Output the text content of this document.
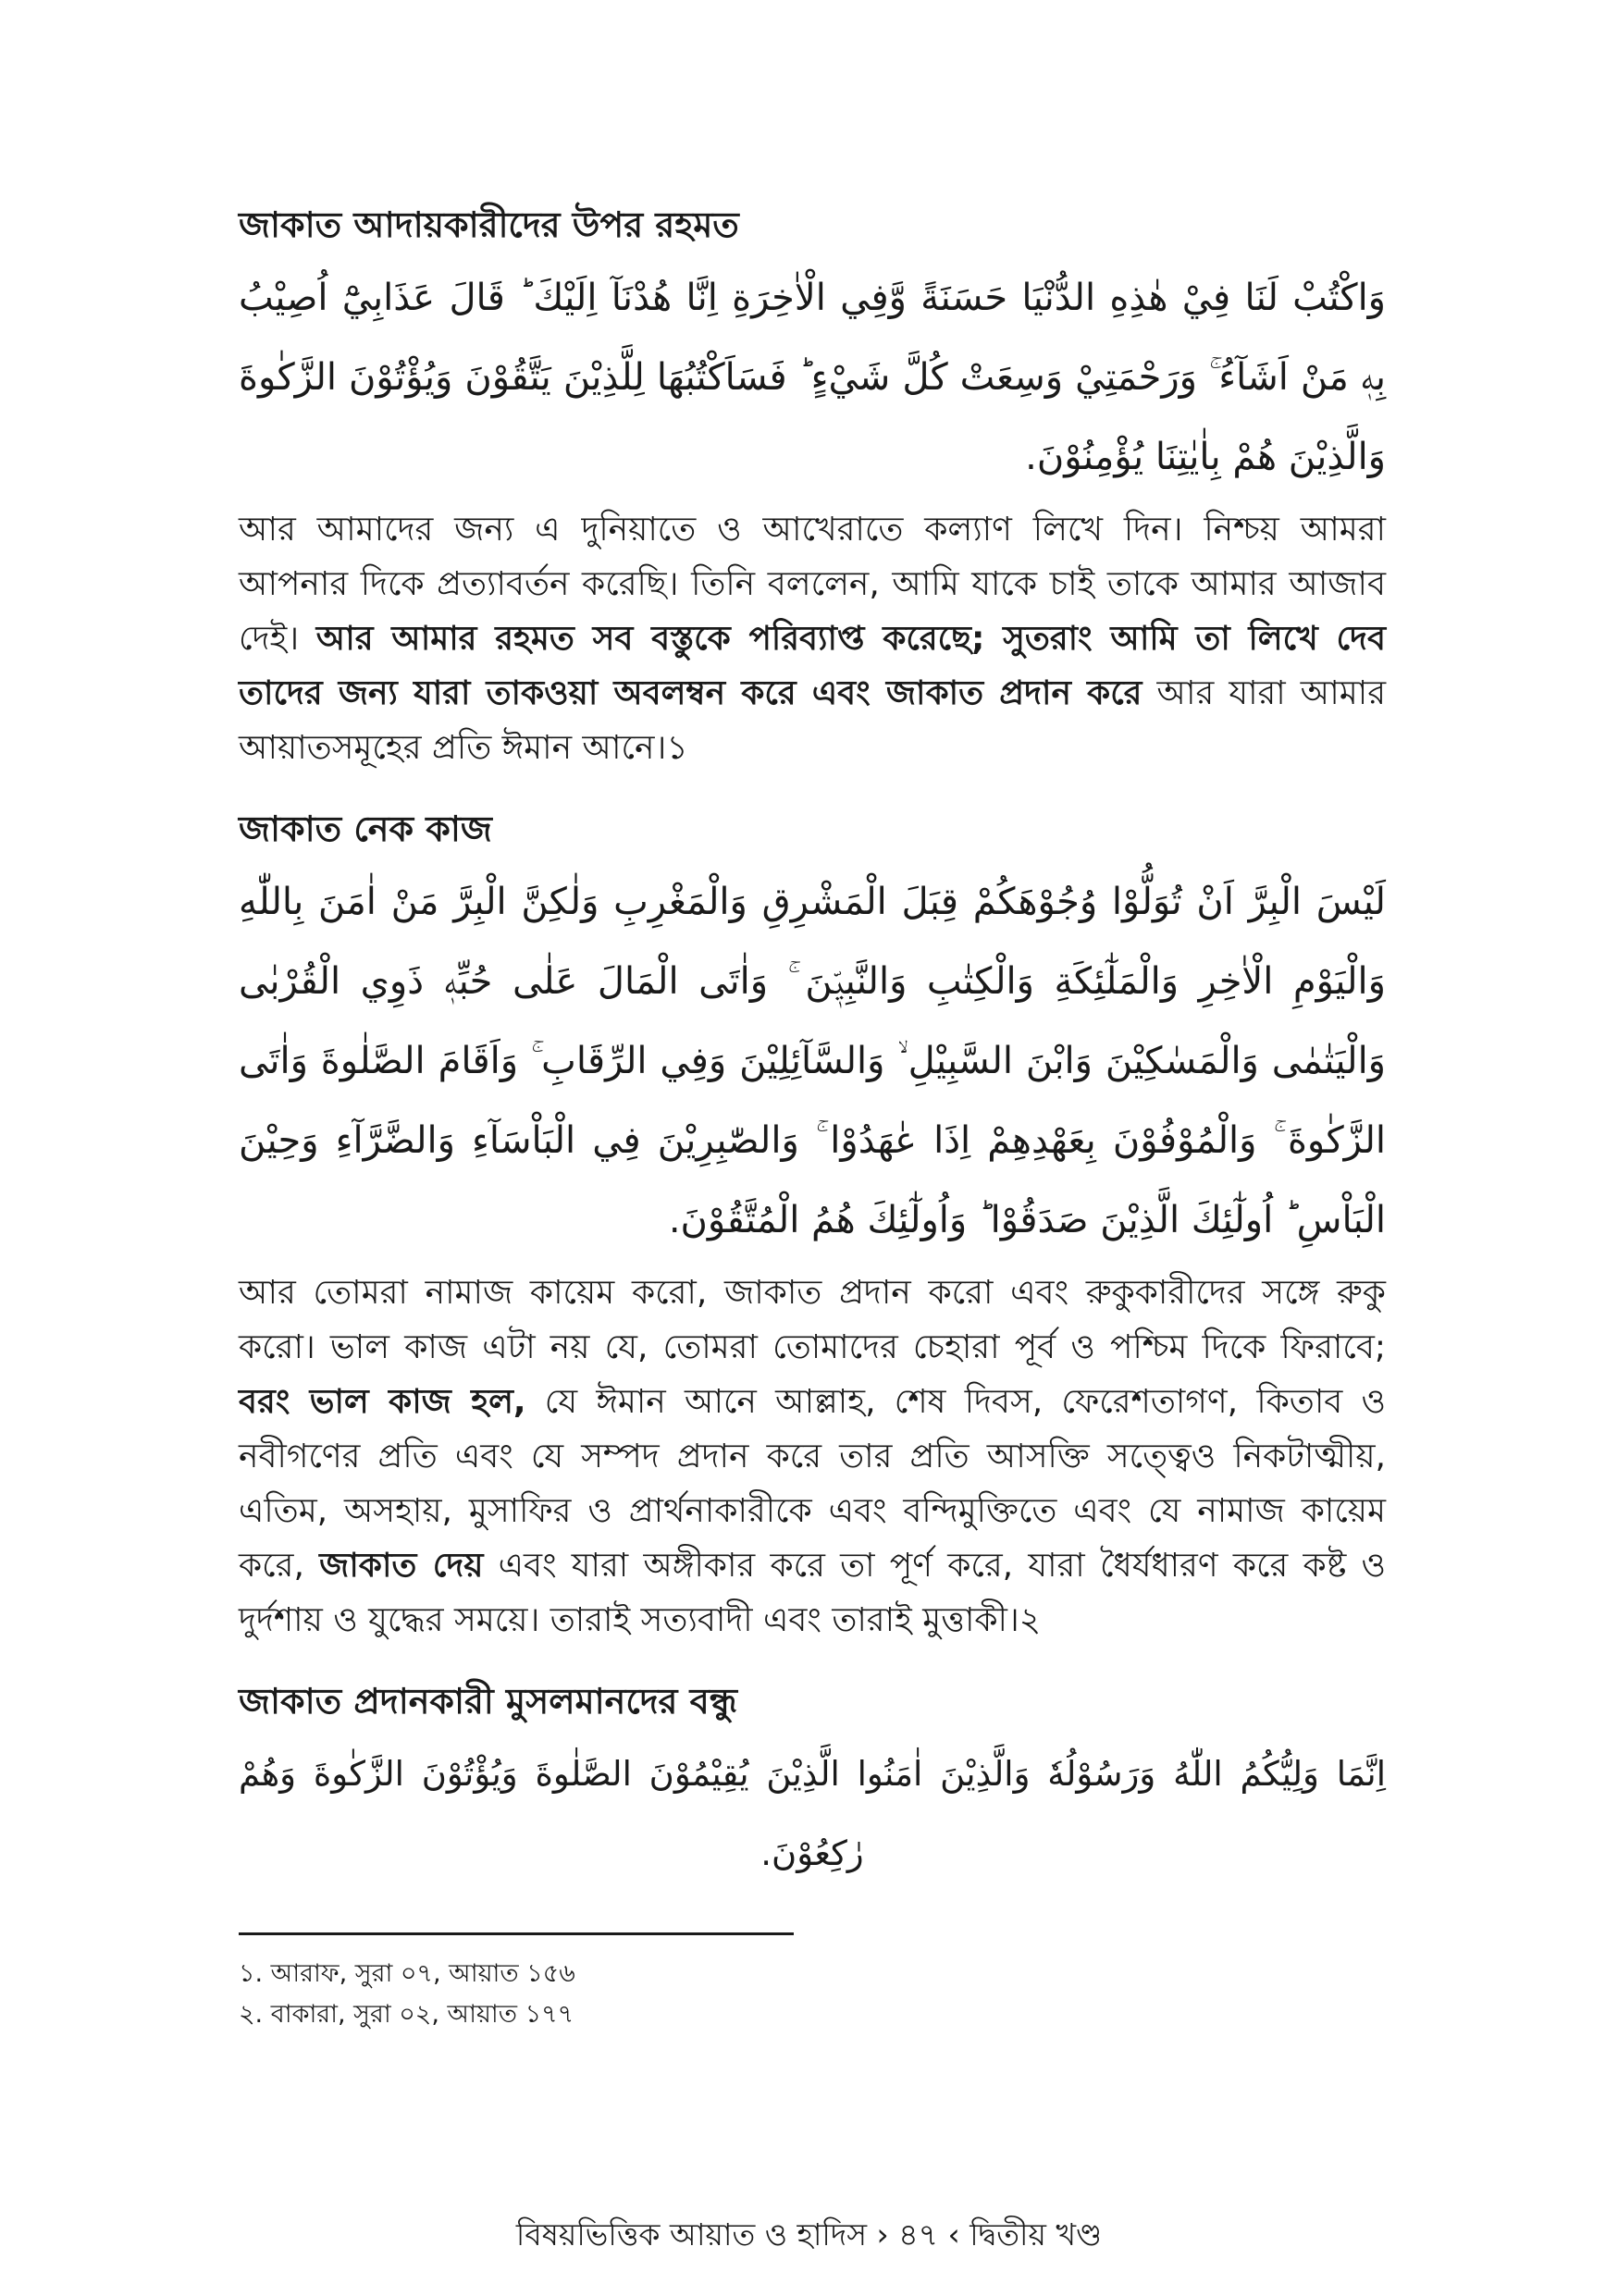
জাকাত আদায়কারীদের উপর রহমত

وَاكْتُبْ لَنَا فِيْ هٰذِهِ الدُّنْيَا حَسَنَةً وَّفِي الْاٰخِرَةِ اِنَّا هُدْنَآ اِلَيْكَ ؕ قَالَ عَذَابِيْٓ اُصِيْبُ بِهٖ مَنْ اَشَآءُ ۚ وَرَحْمَتِيْ وَسِعَتْ كُلَّ شَيْءٍ ؕ فَسَاَكْتُبُهَا لِلَّذِيْنَ يَتَّقُوْنَ وَيُؤْتُوْنَ الزَّكٰوةَ وَالَّذِيْنَ هُمْ بِاٰيٰتِنَا يُؤْمِنُوْنَ.

আর আমাদের জন্য এ দুনিয়াতে ও আখেরাতে কল্যাণ লিখে দিন। নিশ্চয় আমরা আপনার দিকে প্রত্যাবর্তন করেছি। তিনি বললেন, আমি যাকে চাই তাকে আমার আজাব দেই। আর আমার রহমত সব বস্তুকে পরিব্যাপ্ত করেছে; সুতরাং আমি তা লিখে দেব তাদের জন্য যারা তাকওয়া অবলম্বন করে এবং জাকাত প্রদান করে আর যারা আমার আয়াতসমূহের প্রতি ঈমান আনে।১

জাকাত নেক কাজ

لَيْسَ الْبِرَّ اَنْ تُوَلُّوْا وُجُوْهَكُمْ قِبَلَ الْمَشْرِقِ وَالْمَغْرِبِ وَلٰكِنَّ الْبِرَّ مَنْ اٰمَنَ بِاللّٰهِ وَالْيَوْمِ الْاٰخِرِ وَالْمَلٰٓئِكَةِ وَالْكِتٰبِ وَالنَّبِيّٖنَ ۚ وَاٰتَى الْمَالَ عَلٰى حُبِّهٖ ذَوِي الْقُرْبٰى وَالْيَتٰمٰى وَالْمَسٰكِيْنَ وَابْنَ السَّبِيْلِ ۙ وَالسَّآئِلِيْنَ وَفِي الرِّقَابِ ۚ وَاَقَامَ الصَّلٰوةَ وَاٰتَى الزَّكٰوةَ ۚ وَالْمُوْفُوْنَ بِعَهْدِهِمْ اِذَا عٰهَدُوْا ۚ وَالصّٰبِرِيْنَ فِي الْبَاْسَآءِ وَالضَّرَّآءِ وَحِيْنَ الْبَاْسِ ؕ اُولٰٓئِكَ الَّذِيْنَ صَدَقُوْا ؕ وَاُولٰٓئِكَ هُمُ الْمُتَّقُوْنَ.

আর তোমরা নামাজ কায়েম করো, জাকাত প্রদান করো এবং রুকুকারীদের সঙ্গে রুকু করো। ভাল কাজ এটা নয় যে, তোমরা তোমাদের চেহারা পূর্ব ও পশ্চিম দিকে ফিরাবে; বরং ভাল কাজ হল, যে ঈমান আনে আল্লাহ, শেষ দিবস, ফেরেশতাগণ, কিতাব ও নবীগণের প্রতি এবং যে সম্পদ প্রদান করে তার প্রতি আসক্তি সত্ত্বেও নিকটাত্মীয়, এতিম, অসহায়, মুসাফির ও প্রার্থনাকারীকে এবং বন্দিমুক্তিতে এবং যে নামাজ কায়েম করে, জাকাত দেয় এবং যারা অঙ্গীকার করে তা পূর্ণ করে, যারা ধৈর্যধারণ করে কষ্ট ও দুর্দশায় ও যুদ্ধের সময়ে। তারাই সত্যবাদী এবং তারাই মুত্তাকী।২

জাকাত প্রদানকারী মুসলমানদের বন্ধু

اِنَّمَا وَلِيُّكُمُ اللّٰهُ وَرَسُوْلُهٗ وَالَّذِيْنَ اٰمَنُوا الَّذِيْنَ يُقِيْمُوْنَ الصَّلٰوةَ وَيُؤْتُوْنَ الزَّكٰوةَ وَهُمْ رٰكِعُوْنَ.

১. আরাফ, সুরা ০৭, আয়াত ১৫৬

২. বাকারা, সুরা ০২, আয়াত ১৭৭

বিষয়ভিত্তিক আয়াত ও হাদিস › ৪৭ ‹ দ্বিতীয় খণ্ড
